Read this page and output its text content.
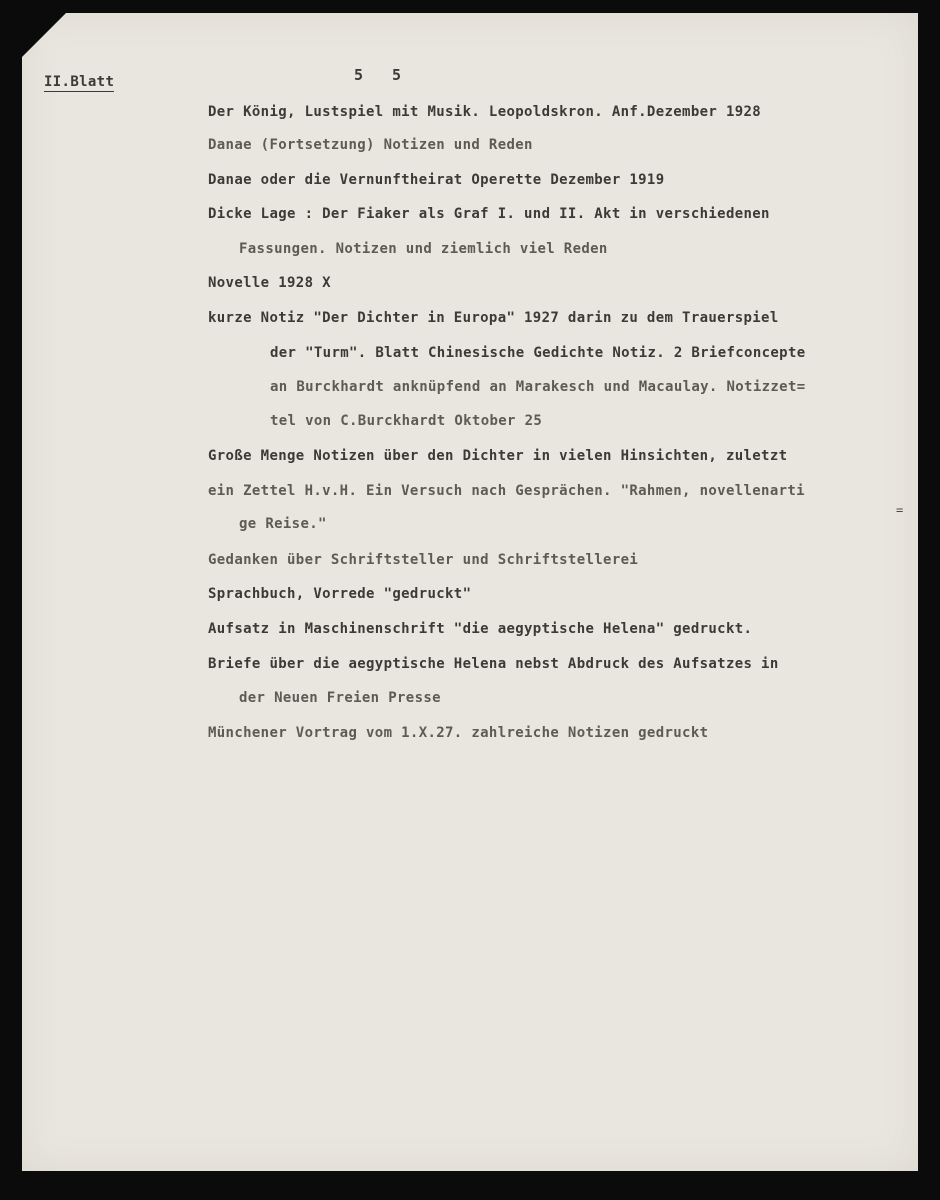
II.Blatt	5 5
Der König, Lustspiel mit Musik. Leopoldskron. Anf.Dezember 1928
Danae (Fortsetzung) Notizen und Reden
Danae oder die Vernunftheirat Operette Dezember 1919
Dicke Lage : Der Fiaker als Graf I. und II. Akt in verschiedenen
Fassungen. Notizen und ziemlich viel Reden
Novelle 1928 X
kurze Notiz "Der Dichter in Europa" 1927 darin zu dem Trauerspiel
der "Turm". Blatt Chinesische Gedichte Notiz. 2 Briefconcepte
an Burckhardt anknüpfend an Marakesch und Macaulay. Notizzet=
tel von C.Burckhardt Oktober 25
Große Menge Notizen über den Dichter in vielen Hinsichten, zuletzt
ein Zettel H.v.H. Ein Versuch nach Gesprächen. "Rahmen, novellenarti
ge Reise."
Gedanken über Schriftsteller und Schriftstellerei
Sprachbuch, Vorrede "gedruckt"
Aufsatz in Maschinenschrift "die aegyptische Helena" gedruckt.
Briefe über die aegyptische Helena nebst Abdruck des Aufsatzes in
der Neuen Freien Presse
Münchener Vortrag vom 1.X.27. zahlreiche Notizen gedruckt
=
